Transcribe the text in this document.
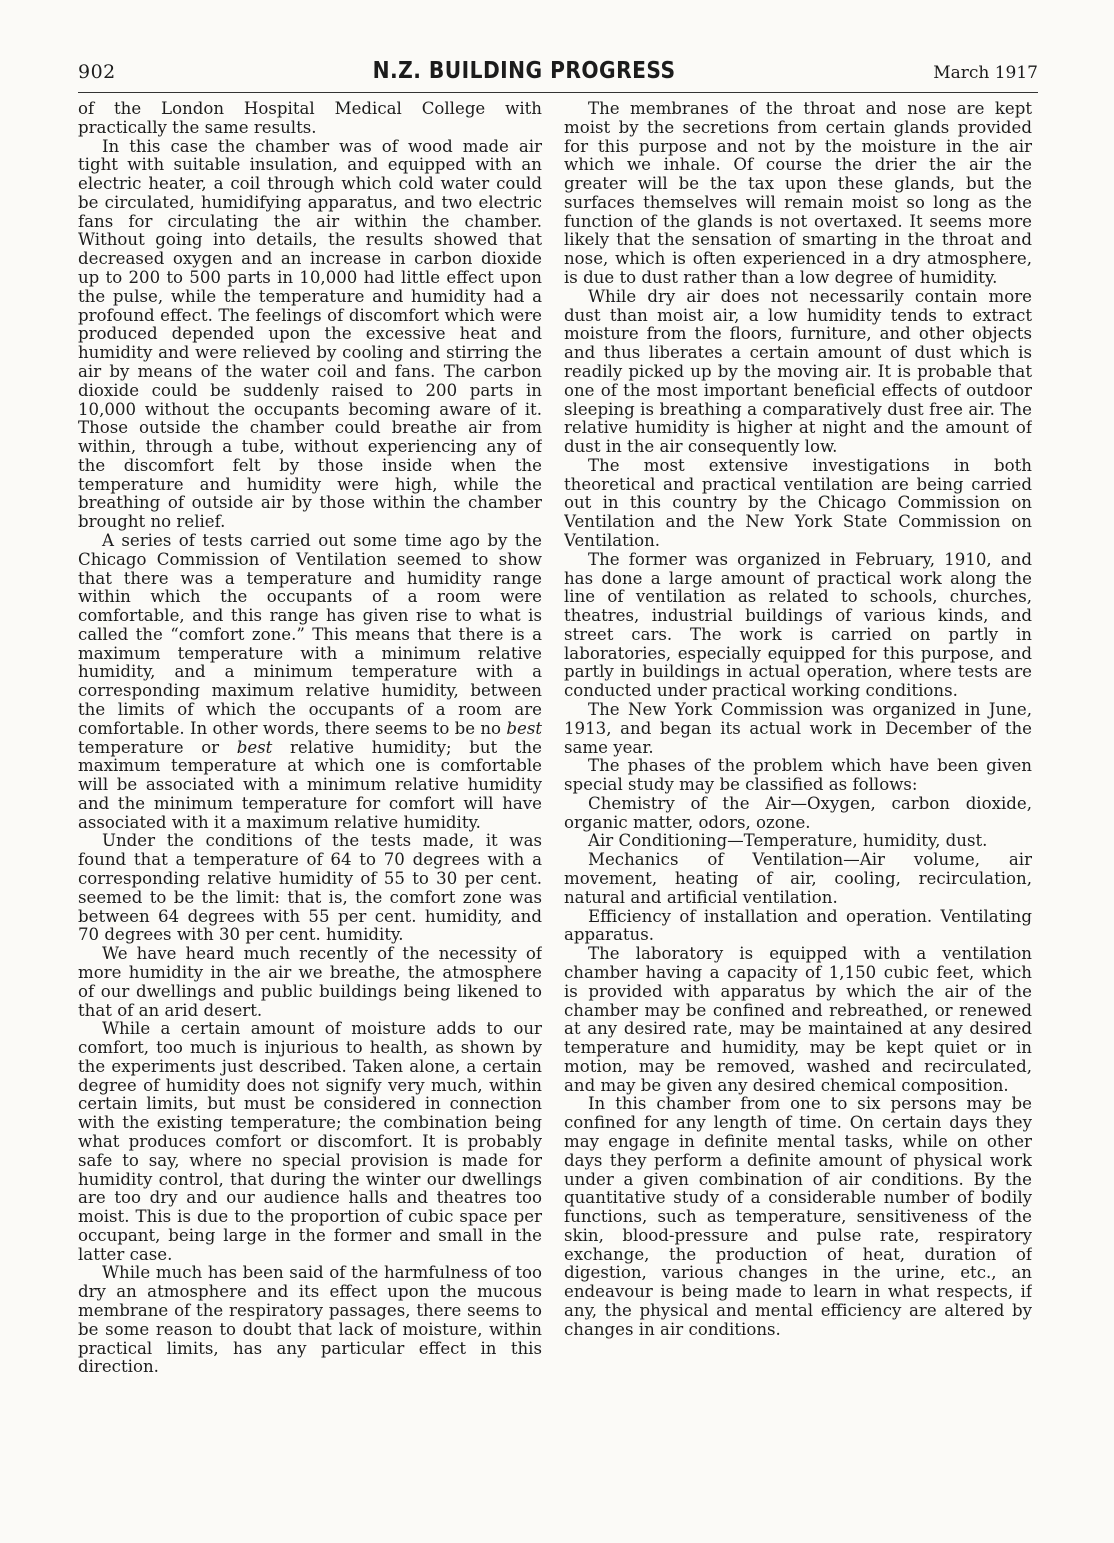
902	N.Z. BUILDING PROGRESS	March 1917

of the London Hospital Medical College with practically the same results.

In this case the chamber was of wood made air tight with suitable insulation, and equipped with an electric heater, a coil through which cold water could be circulated, humidifying apparatus, and two electric fans for circulating the air within the chamber. Without going into details, the results showed that decreased oxygen and an increase in carbon dioxide up to 200 to 500 parts in 10,000 had little effect upon the pulse, while the temperature and humidity had a profound effect. The feelings of discomfort which were produced depended upon the excessive heat and humidity and were relieved by cooling and stirring the air by means of the water coil and fans. The carbon dioxide could be suddenly raised to 200 parts in 10,000 without the occupants becoming aware of it. Those outside the chamber could breathe air from within, through a tube, without experiencing any of the discomfort felt by those inside when the temperature and humidity were high, while the breathing of outside air by those within the chamber brought no relief.

A series of tests carried out some time ago by the Chicago Commission of Ventilation seemed to show that there was a temperature and humidity range within which the occupants of a room were comfortable, and this range has given rise to what is called the “comfort zone.” This means that there is a maximum temperature with a minimum relative humidity, and a minimum temperature with a corresponding maximum relative humidity, between the limits of which the occupants of a room are comfortable. In other words, there seems to be no best temperature or best relative humidity; but the maximum temperature at which one is comfortable will be associated with a minimum relative humidity and the minimum temperature for comfort will have associated with it a maximum relative humidity.

Under the conditions of the tests made, it was found that a temperature of 64 to 70 degrees with a corresponding relative humidity of 55 to 30 per cent. seemed to be the limit: that is, the comfort zone was between 64 degrees with 55 per cent. humidity, and 70 degrees with 30 per cent. humidity.

We have heard much recently of the necessity of more humidity in the air we breathe, the atmosphere of our dwellings and public buildings being likened to that of an arid desert.

While a certain amount of moisture adds to our comfort, too much is injurious to health, as shown by the experiments just described. Taken alone, a certain degree of humidity does not signify very much, within certain limits, but must be considered in connection with the existing temperature; the combination being what produces comfort or discomfort. It is probably safe to say, where no special provision is made for humidity control, that during the winter our dwellings are too dry and our audience halls and theatres too moist. This is due to the proportion of cubic space per occupant, being large in the former and small in the latter case.

While much has been said of the harmfulness of too dry an atmosphere and its effect upon the mucous membrane of the respiratory passages, there seems to be some reason to doubt that lack of moisture, within practical limits, has any particular effect in this direction.

The membranes of the throat and nose are kept moist by the secretions from certain glands provided for this purpose and not by the moisture in the air which we inhale. Of course the drier the air the greater will be the tax upon these glands, but the surfaces themselves will remain moist so long as the function of the glands is not overtaxed. It seems more likely that the sensation of smarting in the throat and nose, which is often experienced in a dry atmosphere, is due to dust rather than a low degree of humidity.

While dry air does not necessarily contain more dust than moist air, a low humidity tends to extract moisture from the floors, furniture, and other objects and thus liberates a certain amount of dust which is readily picked up by the moving air. It is probable that one of the most important beneficial effects of outdoor sleeping is breathing a comparatively dust free air. The relative humidity is higher at night and the amount of dust in the air consequently low.

The most extensive investigations in both theoretical and practical ventilation are being carried out in this country by the Chicago Commission on Ventilation and the New York State Commission on Ventilation.

The former was organized in February, 1910, and has done a large amount of practical work along the line of ventilation as related to schools, churches, theatres, industrial buildings of various kinds, and street cars. The work is carried on partly in laboratories, especially equipped for this purpose, and partly in buildings in actual operation, where tests are conducted under practical working conditions.

The New York Commission was organized in June, 1913, and began its actual work in December of the same year.

The phases of the problem which have been given special study may be classified as follows:

Chemistry of the Air—Oxygen, carbon dioxide, organic matter, odors, ozone.

Air Conditioning—Temperature, humidity, dust.

Mechanics of Ventilation—Air volume, air movement, heating of air, cooling, recirculation, natural and artificial ventilation.

Efficiency of installation and operation. Ventilating apparatus.

The laboratory is equipped with a ventilation chamber having a capacity of 1,150 cubic feet, which is provided with apparatus by which the air of the chamber may be confined and rebreathed, or renewed at any desired rate, may be maintained at any desired temperature and humidity, may be kept quiet or in motion, may be removed, washed and recirculated, and may be given any desired chemical composition.

In this chamber from one to six persons may be confined for any length of time. On certain days they may engage in definite mental tasks, while on other days they perform a definite amount of physical work under a given combination of air conditions. By the quantitative study of a considerable number of bodily functions, such as temperature, sensitiveness of the skin, blood-pressure and pulse rate, respiratory exchange, the production of heat, duration of digestion, various changes in the urine, etc., an endeavour is being made to learn in what respects, if any, the physical and mental efficiency are altered by changes in air conditions.
